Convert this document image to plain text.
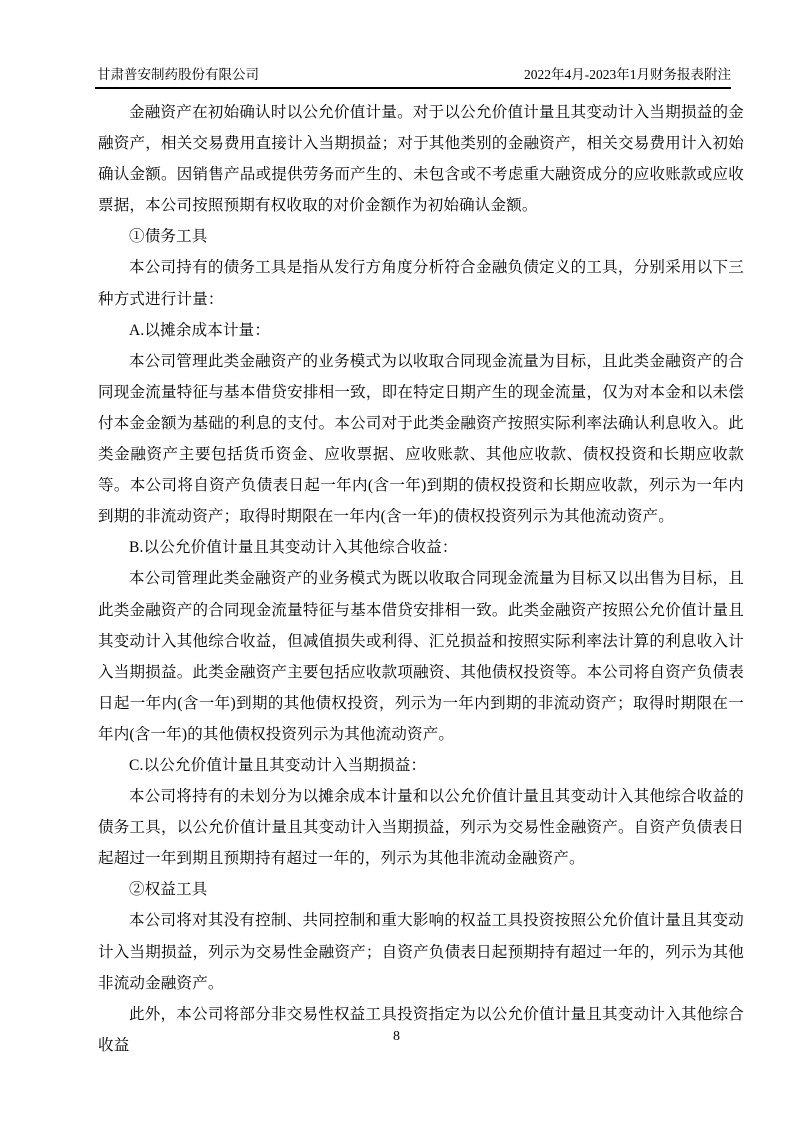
甘肃普安制药股份有限公司	2022年4月-2023年1月财务报表附注

金融资产在初始确认时以公允价值计量。对于以公允价值计量且其变动计入当期损益的金融资产，相关交易费用直接计入当期损益；对于其他类别的金融资产，相关交易费用计入初始确认金额。因销售产品或提供劳务而产生的、未包含或不考虑重大融资成分的应收账款或应收票据，本公司按照预期有权收取的对价金额作为初始确认金额。

①债务工具

本公司持有的债务工具是指从发行方角度分析符合金融负债定义的工具，分别采用以下三种方式进行计量：

A.以摊余成本计量：

本公司管理此类金融资产的业务模式为以收取合同现金流量为目标，且此类金融资产的合同现金流量特征与基本借贷安排相一致，即在特定日期产生的现金流量，仅为对本金和以未偿付本金金额为基础的利息的支付。本公司对于此类金融资产按照实际利率法确认利息收入。此类金融资产主要包括货币资金、应收票据、应收账款、其他应收款、债权投资和长期应收款等。本公司将自资产负债表日起一年内(含一年)到期的债权投资和长期应收款，列示为一年内到期的非流动资产；取得时期限在一年内(含一年)的债权投资列示为其他流动资产。

B.以公允价值计量且其变动计入其他综合收益：

本公司管理此类金融资产的业务模式为既以收取合同现金流量为目标又以出售为目标，且此类金融资产的合同现金流量特征与基本借贷安排相一致。此类金融资产按照公允价值计量且其变动计入其他综合收益，但减值损失或利得、汇兑损益和按照实际利率法计算的利息收入计入当期损益。此类金融资产主要包括应收款项融资、其他债权投资等。本公司将自资产负债表日起一年内(含一年)到期的其他债权投资，列示为一年内到期的非流动资产；取得时期限在一年内(含一年)的其他债权投资列示为其他流动资产。

C.以公允价值计量且其变动计入当期损益：

本公司将持有的未划分为以摊余成本计量和以公允价值计量且其变动计入其他综合收益的债务工具，以公允价值计量且其变动计入当期损益，列示为交易性金融资产。自资产负债表日起超过一年到期且预期持有超过一年的，列示为其他非流动金融资产。

②权益工具

本公司将对其没有控制、共同控制和重大影响的权益工具投资按照公允价值计量且其变动计入当期损益，列示为交易性金融资产；自资产负债表日起预期持有超过一年的，列示为其他非流动金融资产。

此外，本公司将部分非交易性权益工具投资指定为以公允价值计量且其变动计入其他综合收益

8
